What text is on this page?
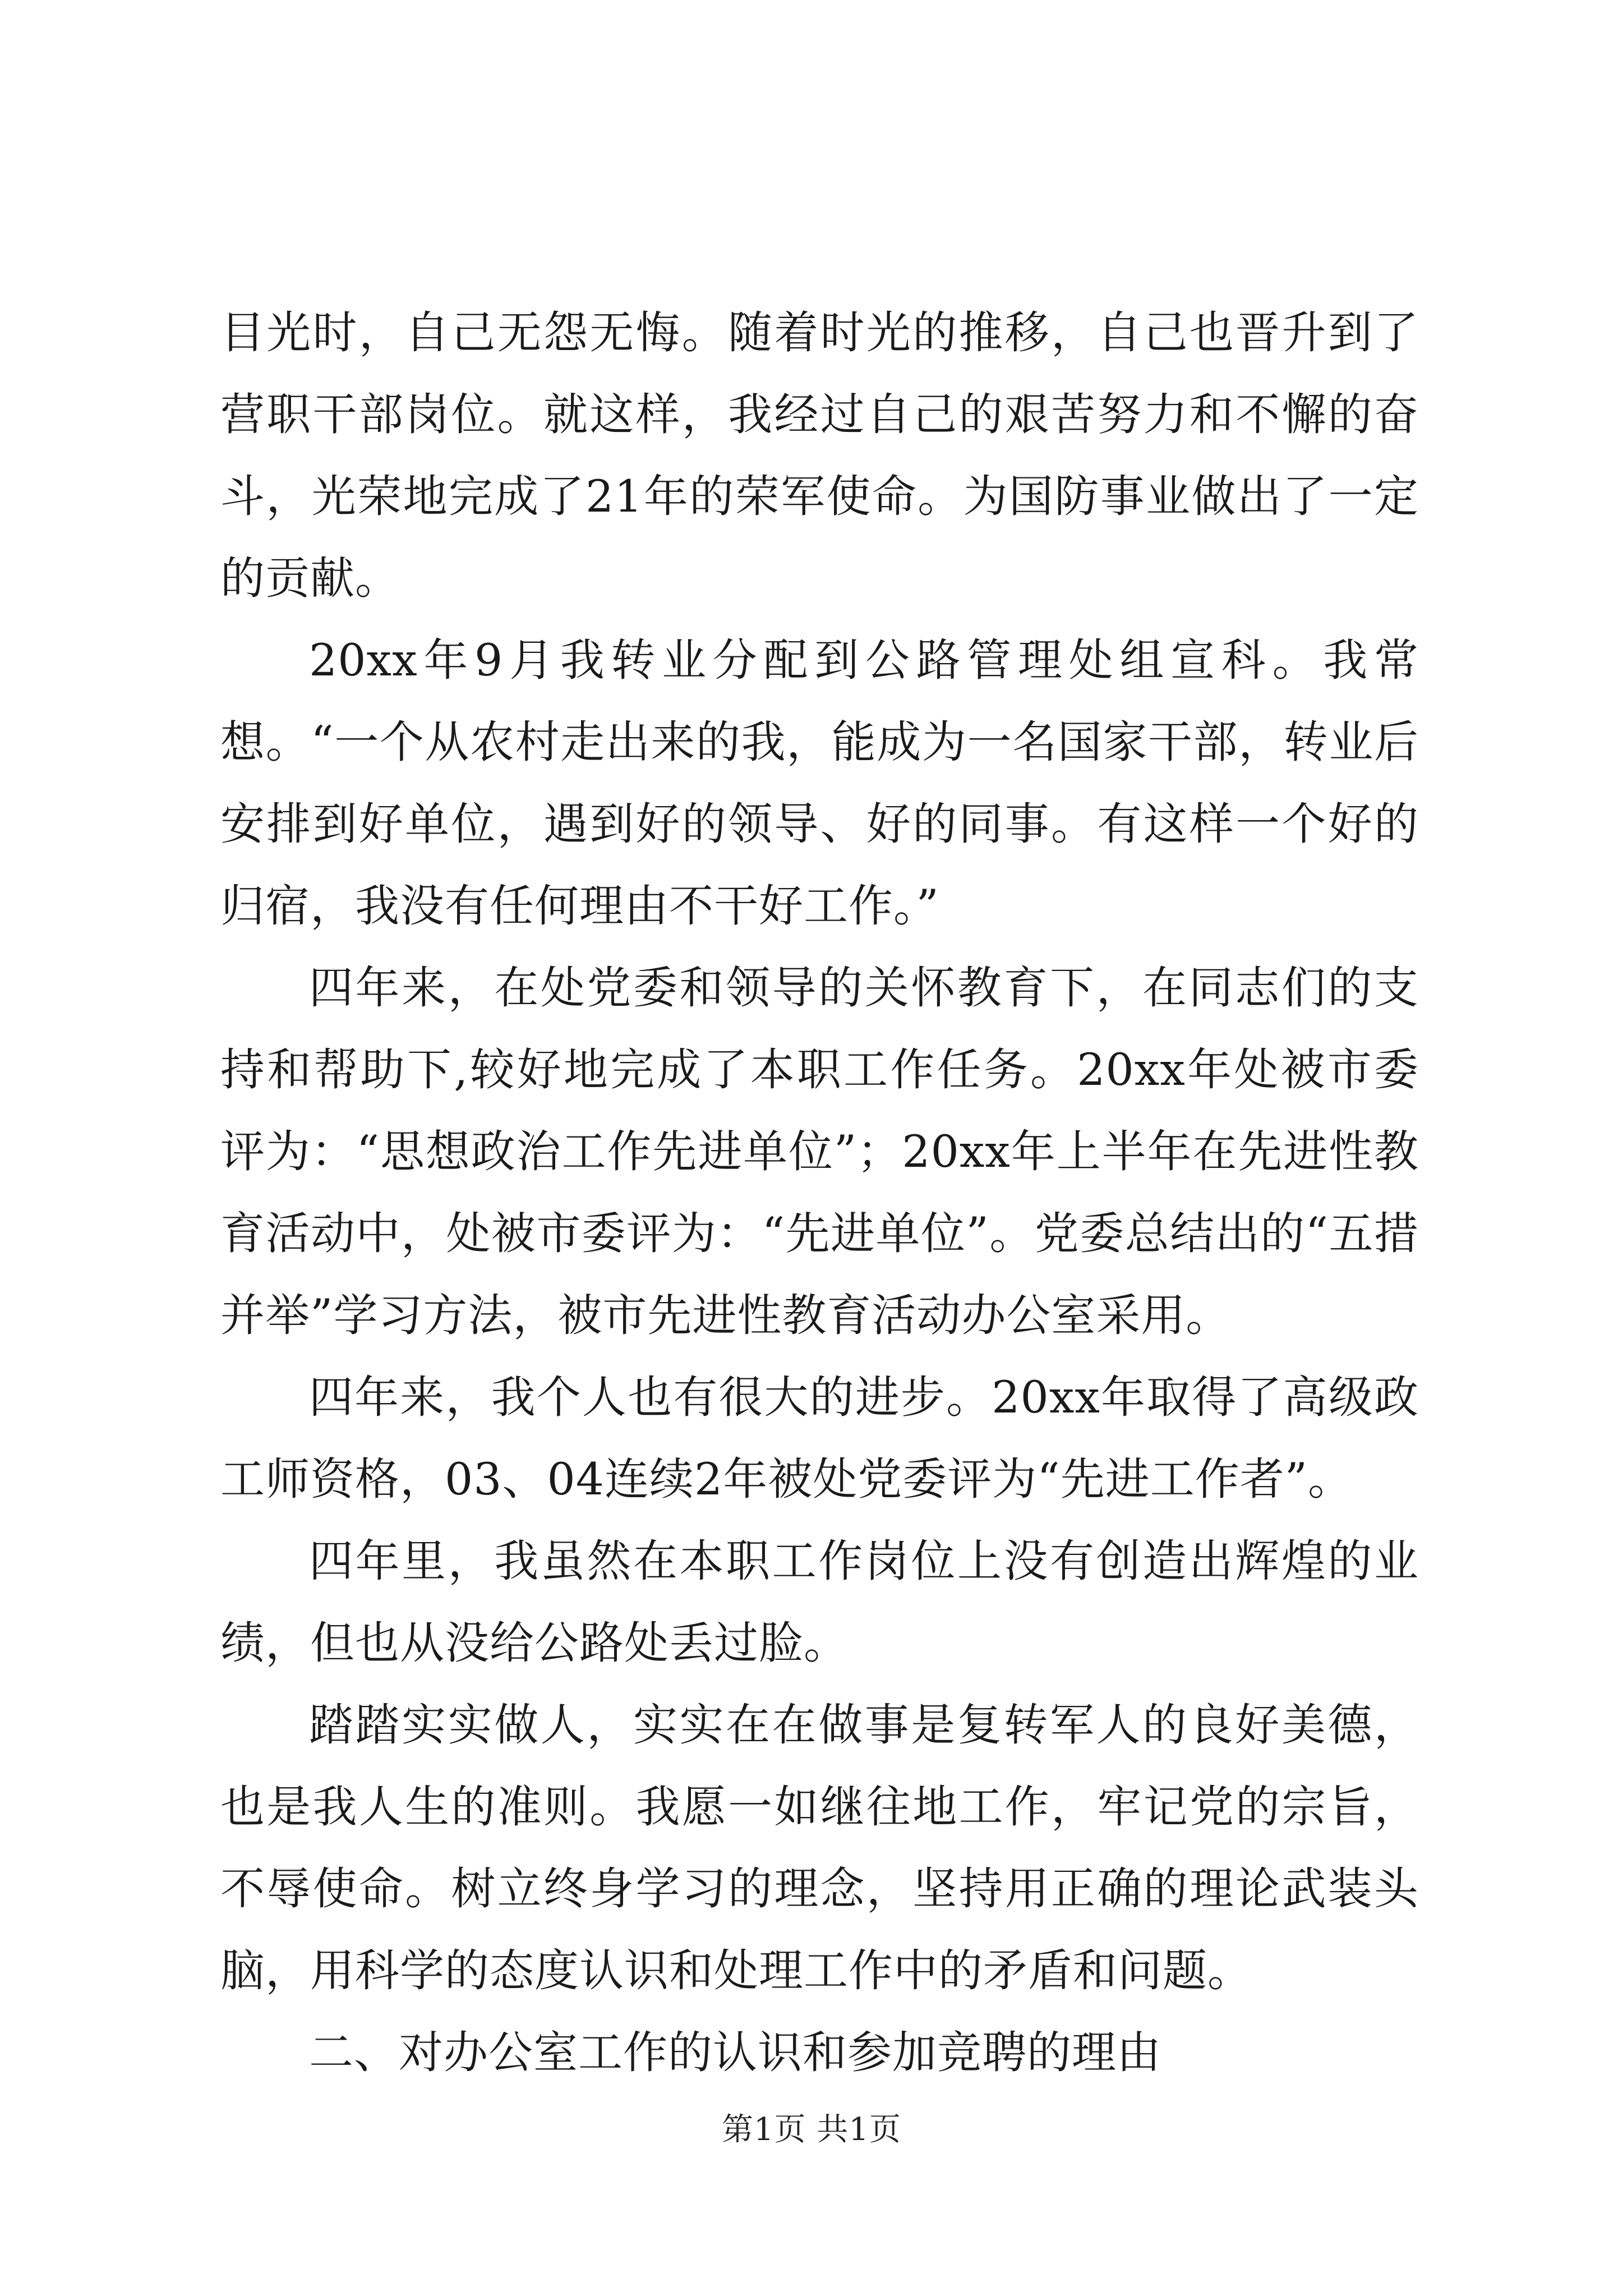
目光时，自己无怨无悔。随着时光的推移，自己也晋升到了营职干部岗位。就这样，我经过自己的艰苦努力和不懈的奋斗，光荣地完成了21年的荣军使命。为国防事业做出了一定的贡献。

20xx年9月我转业分配到公路管理处组宣科。我常想。“一个从农村走出来的我，能成为一名国家干部，转业后安排到好单位，遇到好的领导、好的同事。有这样一个好的归宿，我没有任何理由不干好工作。”

四年来，在处党委和领导的关怀教育下，在同志们的支持和帮助下,较好地完成了本职工作任务。20xx年处被市委评为：“思想政治工作先进单位”；20xx年上半年在先进性教育活动中，处被市委评为：“先进单位”。党委总结出的“五措并举”学习方法，被市先进性教育活动办公室采用。

四年来，我个人也有很大的进步。20xx年取得了高级政工师资格，03、04连续2年被处党委评为“先进工作者”。

四年里，我虽然在本职工作岗位上没有创造出辉煌的业绩，但也从没给公路处丢过脸。

踏踏实实做人，实实在在做事是复转军人的良好美德，也是我人生的准则。我愿一如继往地工作，牢记党的宗旨，不辱使命。树立终身学习的理念，坚持用正确的理论武装头脑，用科学的态度认识和处理工作中的矛盾和问题。

二、对办公室工作的认识和参加竞聘的理由

第1页 共1页
